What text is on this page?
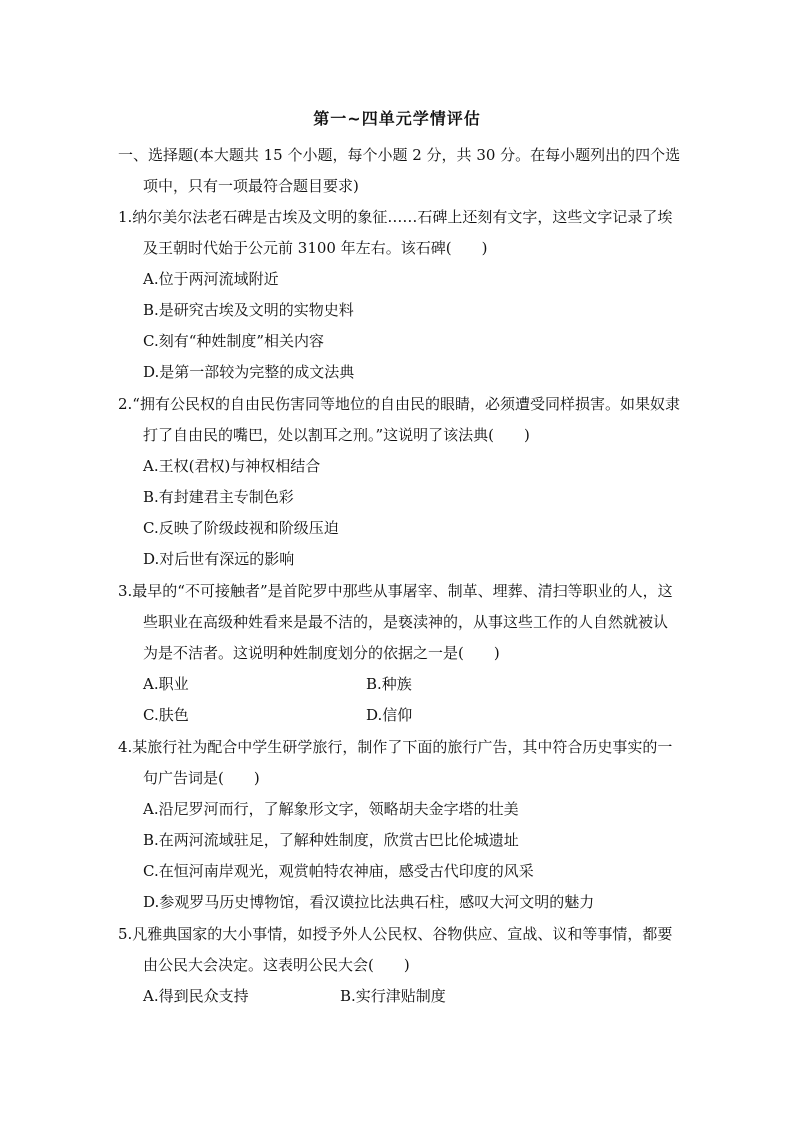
第一~四单元学情评估
一、选择题(本大题共 15 个小题，每个小题 2 分，共 30 分。在每小题列出的四个选
项中，只有一项最符合题目要求)
1.纳尔美尔法老石碑是古埃及文明的象征……石碑上还刻有文字，这些文字记录了埃
及王朝时代始于公元前 3100 年左右。该石碑(　　)
A.位于两河流域附近
B.是研究古埃及文明的实物史料
C.刻有“种姓制度”相关内容
D.是第一部较为完整的成文法典
2.“拥有公民权的自由民伤害同等地位的自由民的眼睛，必须遭受同样损害。如果奴隶
打了自由民的嘴巴，处以割耳之刑。”这说明了该法典(　　)
A.王权(君权)与神权相结合
B.有封建君主专制色彩
C.反映了阶级歧视和阶级压迫
D.对后世有深远的影响
3.最早的“不可接触者”是首陀罗中那些从事屠宰、制革、埋葬、清扫等职业的人，这
些职业在高级种姓看来是最不洁的，是亵渎神的，从事这些工作的人自然就被认
为是不洁者。这说明种姓制度划分的依据之一是(　　)
A.职业	B.种族
C.肤色	D.信仰
4.某旅行社为配合中学生研学旅行，制作了下面的旅行广告，其中符合历史事实的一
句广告词是(　　)
A.沿尼罗河而行，了解象形文字，领略胡夫金字塔的壮美
B.在两河流域驻足，了解种姓制度，欣赏古巴比伦城遗址
C.在恒河南岸观光，观赏帕特农神庙，感受古代印度的风采
D.参观罗马历史博物馆，看汉谟拉比法典石柱，感叹大河文明的魅力
5.凡雅典国家的大小事情，如授予外人公民权、谷物供应、宣战、议和等事情，都要
由公民大会决定。这表明公民大会(　　)
A.得到民众支持	B.实行津贴制度
